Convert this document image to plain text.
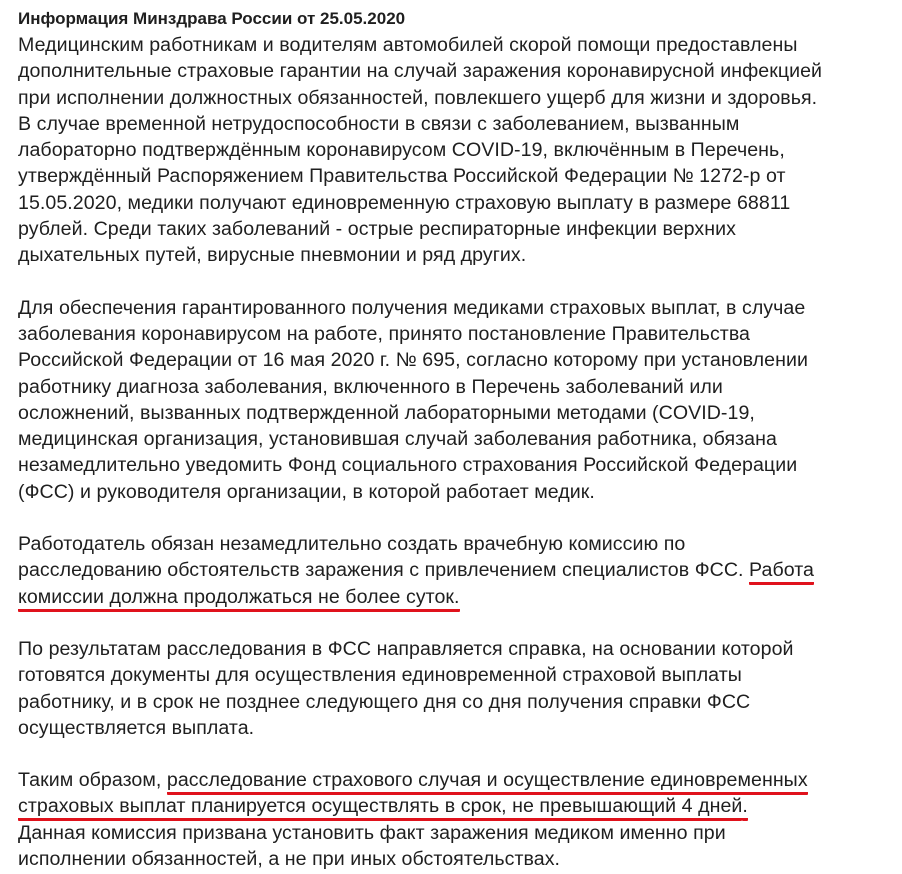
Информация Минздрава России от 25.05.2020

Медицинским работникам и водителям автомобилей скорой помощи предоставлены
дополнительные страховые гарантии на случай заражения коронавирусной инфекцией
при исполнении должностных обязанностей, повлекшего ущерб для жизни и здоровья.
В случае временной нетрудоспособности в связи с заболеванием, вызванным
лабораторно подтверждённым коронавирусом COVID-19, включённым в Перечень,
утверждённый Распоряжением Правительства Российской Федерации № 1272-р от
15.05.2020, медики получают единовременную страховую выплату в размере 68811
рублей. Среди таких заболеваний - острые респираторные инфекции верхних
дыхательных путей, вирусные пневмонии и ряд других.

Для обеспечения гарантированного получения медиками страховых выплат, в случае
заболевания коронавирусом на работе, принято постановление Правительства
Российской Федерации от 16 мая 2020 г. № 695, согласно которому при установлении
работнику диагноза заболевания, включенного в Перечень заболеваний или
осложнений, вызванных подтвержденной лабораторными методами (COVID-19,
медицинская организация, установившая случай заболевания работника, обязана
незамедлительно уведомить Фонд социального страхования Российской Федерации
(ФСС) и руководителя организации, в которой работает медик.

Работодатель обязан незамедлительно создать врачебную комиссию по
расследованию обстоятельств заражения с привлечением специалистов ФСС. Работа
комиссии должна продолжаться не более суток.

По результатам расследования в ФСС направляется справка, на основании которой
готовятся документы для осуществления единовременной страховой выплаты
работнику, и в срок не позднее следующего дня со дня получения справки ФСС
осуществляется выплата.

Таким образом, расследование страхового случая и осуществление единовременных
страховых выплат планируется осуществлять в срок, не превышающий 4 дней.
Данная комиссия призвана установить факт заражения медиком именно при
исполнении обязанностей, а не при иных обстоятельствах.
